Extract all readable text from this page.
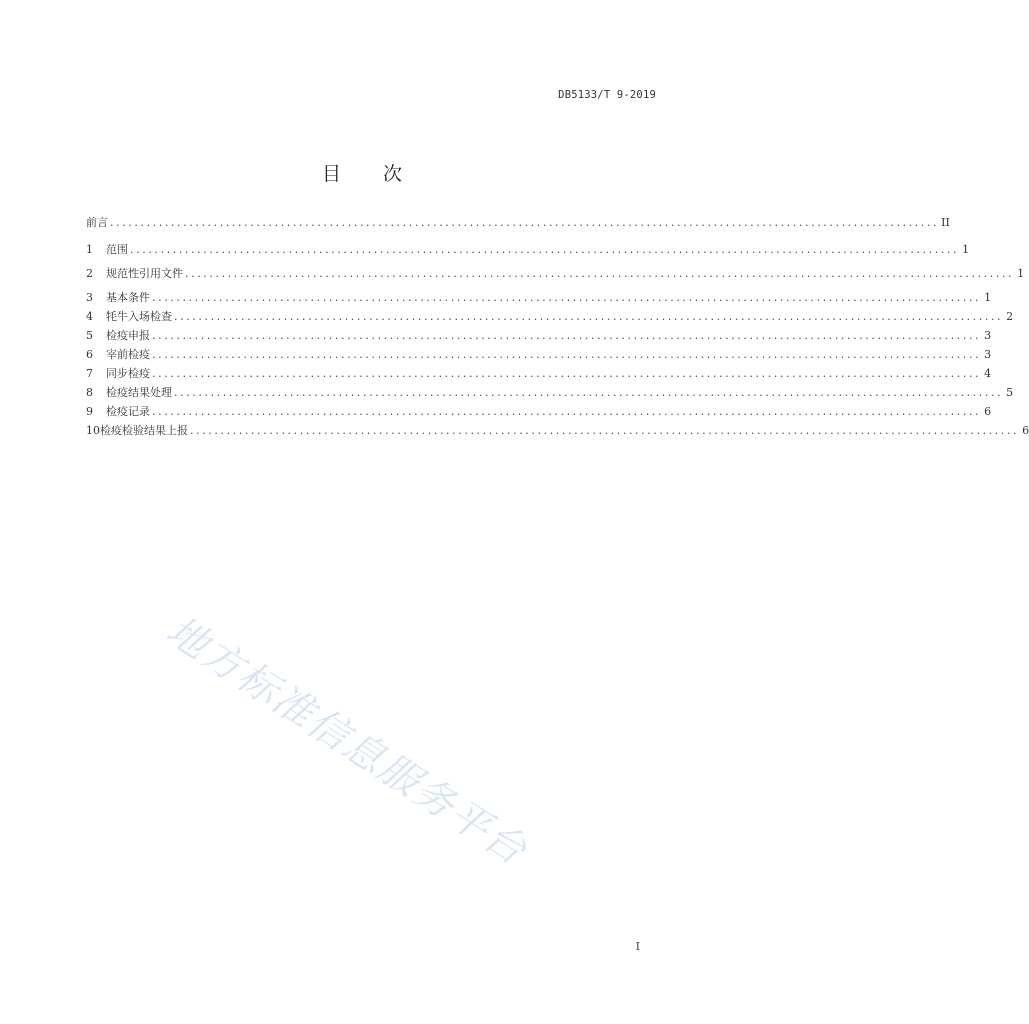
DB5133/T 9-2019
目 次
前言 ........................................................................................................................................ II
1	范围 ........................................................................................................................................ 1
2	规范性引用文件 ........................................................................................................................................ 1
3	基本条件 ........................................................................................................................................ 1
4	牦牛入场检查 ........................................................................................................................................ 2
5	检疫申报 ........................................................................................................................................ 3
6	宰前检疫 ........................................................................................................................................ 3
7	同步检疫 ........................................................................................................................................ 4
8	检疫结果处理 ........................................................................................................................................ 5
9	检疫记录 ........................................................................................................................................ 6
10 检疫检验结果上报 ........................................................................................................................................ 6
地方标准信息服务平台
I
